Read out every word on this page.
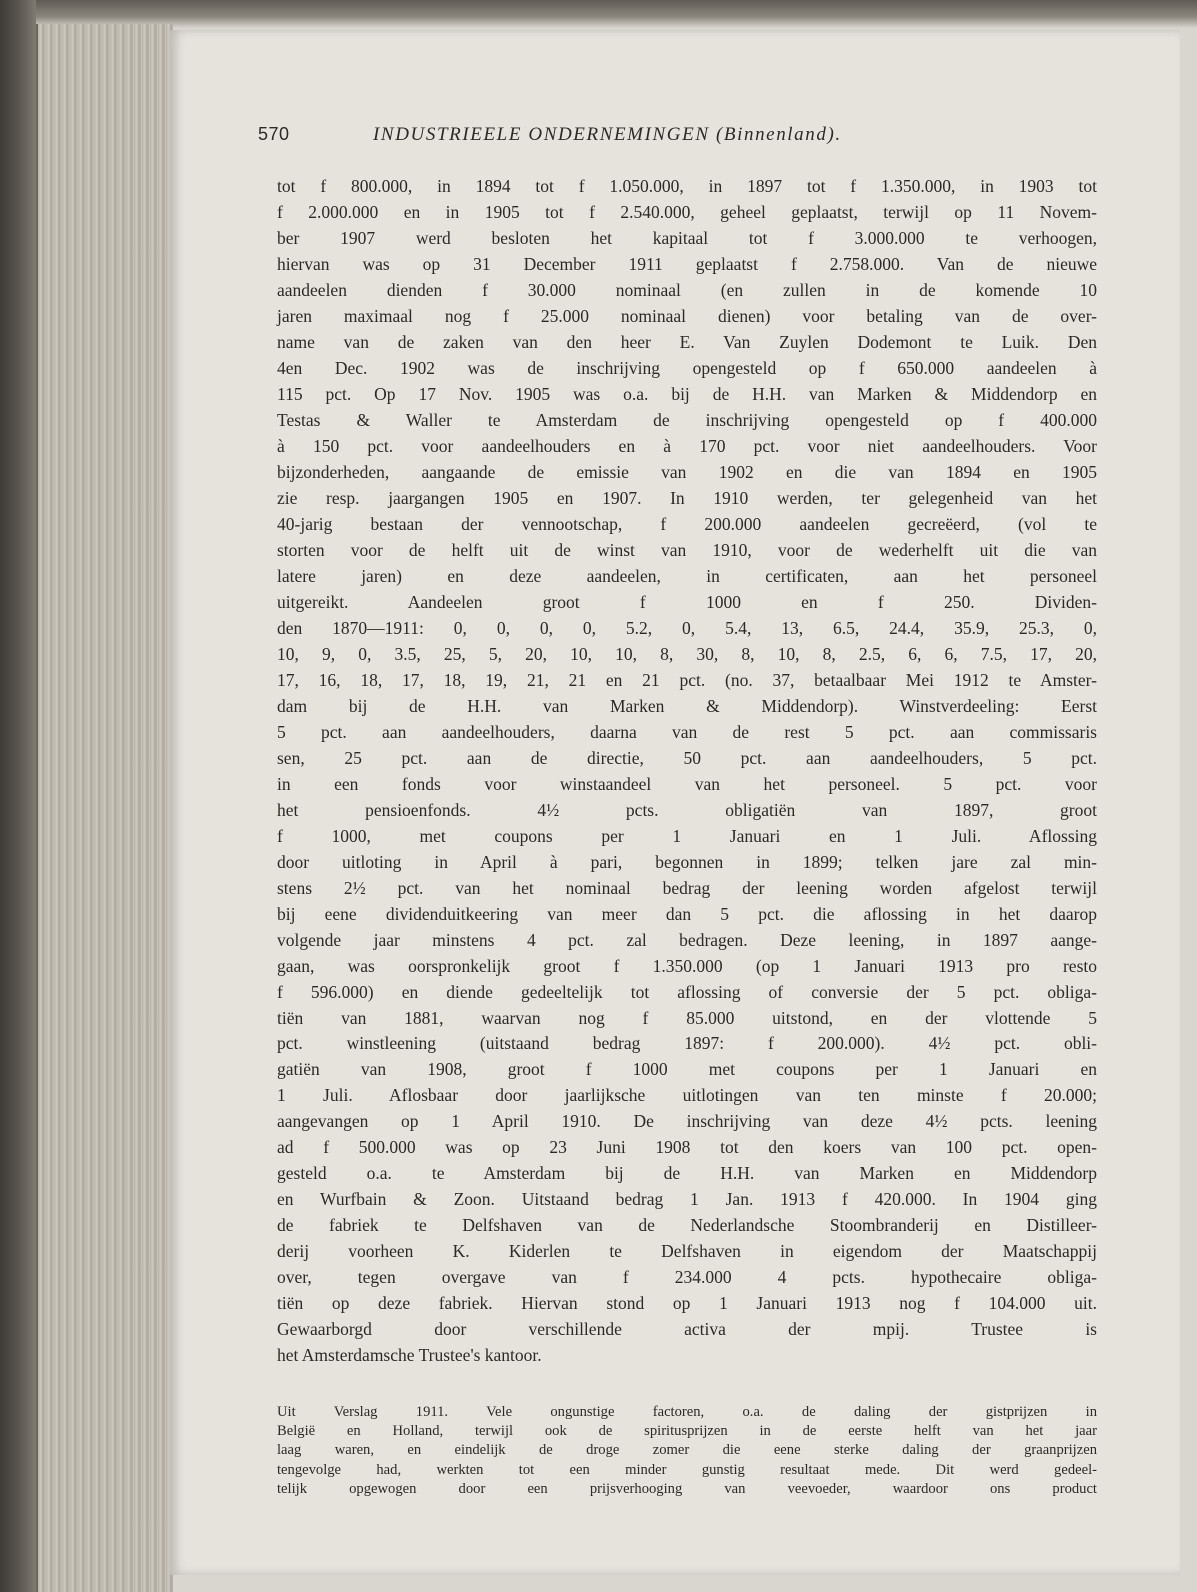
570	INDUSTRIEELE ONDERNEMINGEN (Binnenland).
tot f 800.000, in 1894 tot f 1.050.000, in 1897 tot f 1.350.000, in 1903 tot
f 2.000.000 en in 1905 tot f 2.540.000, geheel geplaatst, terwijl op 11 Novem-
ber 1907 werd besloten het kapitaal tot f 3.000.000 te verhoogen,
hiervan was op 31 December 1911 geplaatst f 2.758.000. Van de nieuwe
aandeelen dienden f 30.000 nominaal (en zullen in de komende 10
jaren maximaal nog f 25.000 nominaal dienen) voor betaling van de over-
name van de zaken van den heer E. Van Zuylen Dodemont te Luik. Den
4en Dec. 1902 was de inschrijving opengesteld op f 650.000 aandeelen à
115 pct. Op 17 Nov. 1905 was o.a. bij de H.H. van Marken & Middendorp en
Testas & Waller te Amsterdam de inschrijving opengesteld op f 400.000
à 150 pct. voor aandeelhouders en à 170 pct. voor niet aandeelhouders. Voor
bijzonderheden, aangaande de emissie van 1902 en die van 1894 en 1905
zie resp. jaargangen 1905 en 1907. In 1910 werden, ter gelegenheid van het
40-jarig bestaan der vennootschap, f 200.000 aandeelen gecreëerd, (vol te
storten voor de helft uit de winst van 1910, voor de wederhelft uit die van
latere jaren) en deze aandeelen, in certificaten, aan het personeel
uitgereikt. Aandeelen groot f 1000 en f 250. Dividen-
den 1870—1911: 0, 0, 0, 0, 5.2, 0, 5.4, 13, 6.5, 24.4, 35.9, 25.3, 0,
10, 9, 0, 3.5, 25, 5, 20, 10, 10, 8, 30, 8, 10, 8, 2.5, 6, 6, 7.5, 17, 20,
17, 16, 18, 17, 18, 19, 21, 21 en 21 pct. (no. 37, betaalbaar Mei 1912 te Amster-
dam bij de H.H. van Marken & Middendorp). Winstverdeeling: Eerst
5 pct. aan aandeelhouders, daarna van de rest 5 pct. aan commissaris
sen, 25 pct. aan de directie, 50 pct. aan aandeelhouders, 5 pct.
in een fonds voor winstaandeel van het personeel. 5 pct. voor
het pensioenfonds. 4½ pcts. obligatiën van 1897, groot
f 1000, met coupons per 1 Januari en 1 Juli. Aflossing
door uitloting in April à pari, begonnen in 1899; telken jare zal min-
stens 2½ pct. van het nominaal bedrag der leening worden afgelost terwijl
bij eene dividenduitkeering van meer dan 5 pct. die aflossing in het daarop
volgende jaar minstens 4 pct. zal bedragen. Deze leening, in 1897 aange-
gaan, was oorspronkelijk groot f 1.350.000 (op 1 Januari 1913 pro resto
f 596.000) en diende gedeeltelijk tot aflossing of conversie der 5 pct. obliga-
tiën van 1881, waarvan nog f 85.000 uitstond, en der vlottende 5
pct. winstleening (uitstaand bedrag 1897: f 200.000). 4½ pct. obli-
gatiën van 1908, groot f 1000 met coupons per 1 Januari en
1 Juli. Aflosbaar door jaarlijksche uitlotingen van ten minste f 20.000;
aangevangen op 1 April 1910. De inschrijving van deze 4½ pcts. leening
ad f 500.000 was op 23 Juni 1908 tot den koers van 100 pct. open-
gesteld o.a. te Amsterdam bij de H.H. van Marken en Middendorp
en Wurfbain & Zoon. Uitstaand bedrag 1 Jan. 1913 f 420.000. In 1904 ging
de fabriek te Delfshaven van de Nederlandsche Stoombranderij en Distilleer-
derij voorheen K. Kiderlen te Delfshaven in eigendom der Maatschappij
over, tegen overgave van f 234.000 4 pcts. hypothecaire obliga-
tiën op deze fabriek. Hiervan stond op 1 Januari 1913 nog f 104.000 uit.
Gewaarborgd door verschillende activa der mpij. Trustee is
het Amsterdamsche Trustee's kantoor.
Uit Verslag 1911. Vele ongunstige factoren, o.a. de daling der gistprijzen in
België en Holland, terwijl ook de spiritusprijzen in de eerste helft van het jaar
laag waren, en eindelijk de droge zomer die eene sterke daling der graanprijzen
tengevolge had, werkten tot een minder gunstig resultaat mede. Dit werd gedeel-
telijk opgewogen door een prijsverhooging van veevoeder, waardoor ons product
